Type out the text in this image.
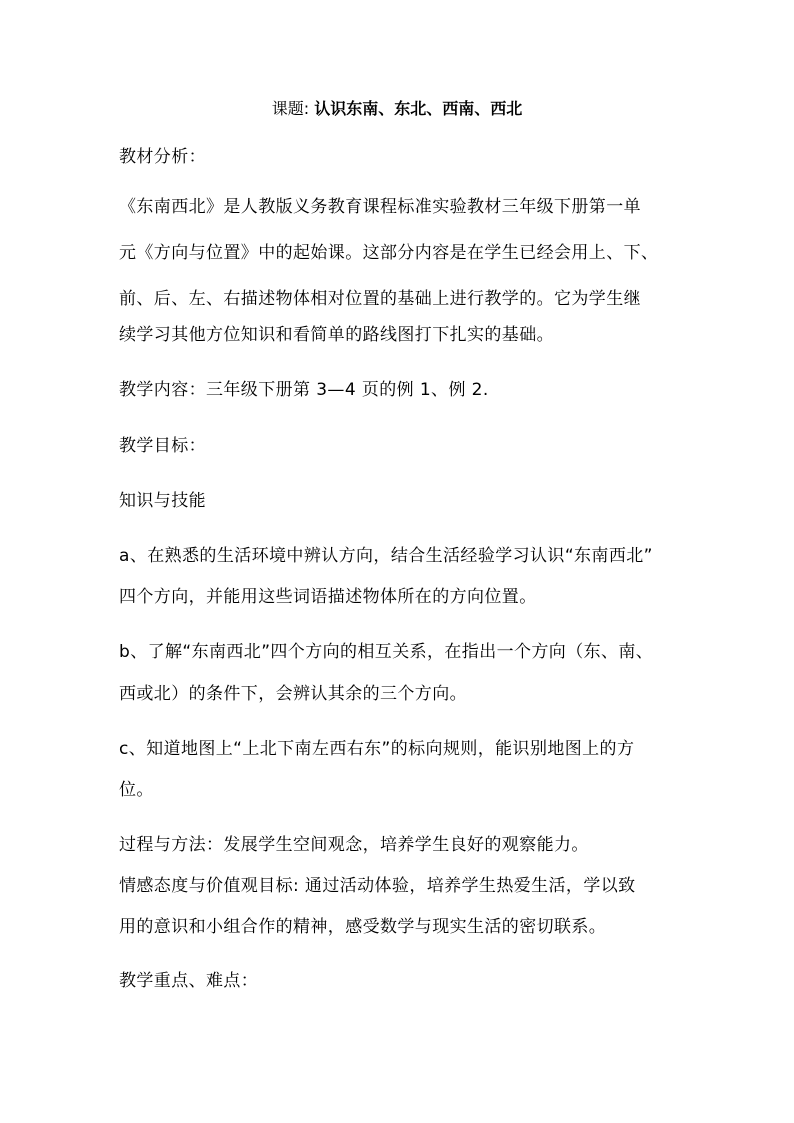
课题: 认识东南、东北、西南、西北
教材分析：
《东南西北》是人教版义务教育课程标准实验教材三年级下册第一单
元《方向与位置》中的起始课。这部分内容是在学生已经会用上、下、
前、后、左、右描述物体相对位置的基础上进行教学的。它为学生继
续学习其他方位知识和看简单的路线图打下扎实的基础。
教学内容：三年级下册第 3—4 页的例 1、例 2.
教学目标：
知识与技能
a、在熟悉的生活环境中辨认方向，结合生活经验学习认识“东南西北”
四个方向，并能用这些词语描述物体所在的方向位置。
b、了解“东南西北”四个方向的相互关系，在指出一个方向（东、南、
西或北）的条件下，会辨认其余的三个方向。
c、知道地图上“上北下南左西右东”的标向规则，能识别地图上的方
位。
过程与方法：发展学生空间观念，培养学生良好的观察能力。
情感态度与价值观目标: 通过活动体验，培养学生热爱生活，学以致
用的意识和小组合作的精神，感受数学与现实生活的密切联系。
教学重点、难点：
